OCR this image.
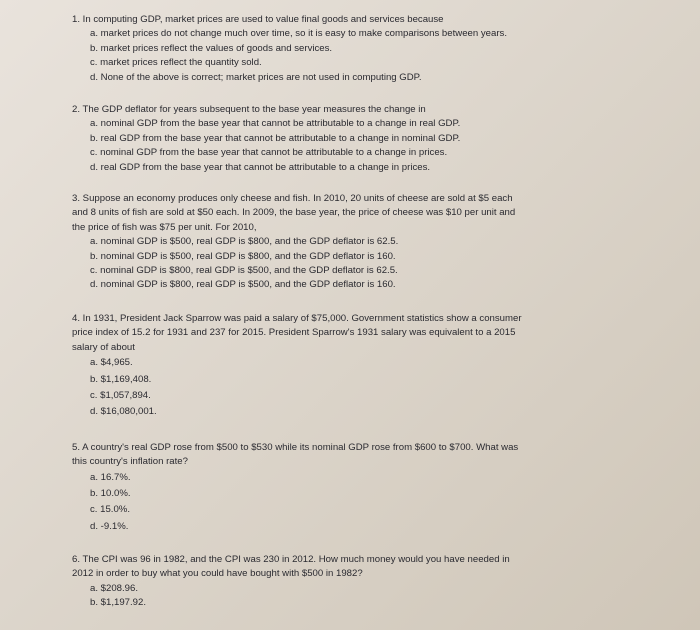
1. In computing GDP, market prices are used to value final goods and services because

a. market prices do not change much over time, so it is easy to make comparisons between years.
b. market prices reflect the values of goods and services.
c. market prices reflect the quantity sold.
d. None of the above is correct; market prices are not used in computing GDP.

2. The GDP deflator for years subsequent to the base year measures the change in

a. nominal GDP from the base year that cannot be attributable to a change in real GDP.
b. real GDP from the base year that cannot be attributable to a change in nominal GDP.
c. nominal GDP from the base year that cannot be attributable to a change in prices.
d. real GDP from the base year that cannot be attributable to a change in prices.
3. Suppose an economy produces only cheese and fish. In 2010, 20 units of cheese are sold at $5 each
and 8 units of fish are sold at $50 each. In 2009, the base year, the price of cheese was $10 per unit and
the price of fish was $75 per unit. For 2010,
a. nominal GDP is $500, real GDP is $800, and the GDP deflator is 62.5.
b. nominal GDP is $500, real GDP is $800, and the GDP deflator is 160.
c. nominal GDP is $800, real GDP is $500, and the GDP deflator is 62.5.
d. nominal GDP is $800, real GDP is $500, and the GDP deflator is 160.
4. In 1931, President Jack Sparrow was paid a salary of $75,000. Government statistics show a consumer
price index of 15.2 for 1931 and 237 for 2015. President Sparrow's 1931 salary was equivalent to a 2015
salary of about
a. $4,965.
b. $1,169,408.
c. $1,057,894.
d. $16,080,001.
5. A country's real GDP rose from $500 to $530 while its nominal GDP rose from $600 to $700. What was
this country's inflation rate?
a. 16.7%.
b. 10.0%.
c. 15.0%.
d. -9.1%.
6. The CPI was 96 in 1982, and the CPI was 230 in 2012. How much money would you have needed in
2012 in order to buy what you could have bought with $500 in 1982?
a. $208.96.
b. $1,197.92.
